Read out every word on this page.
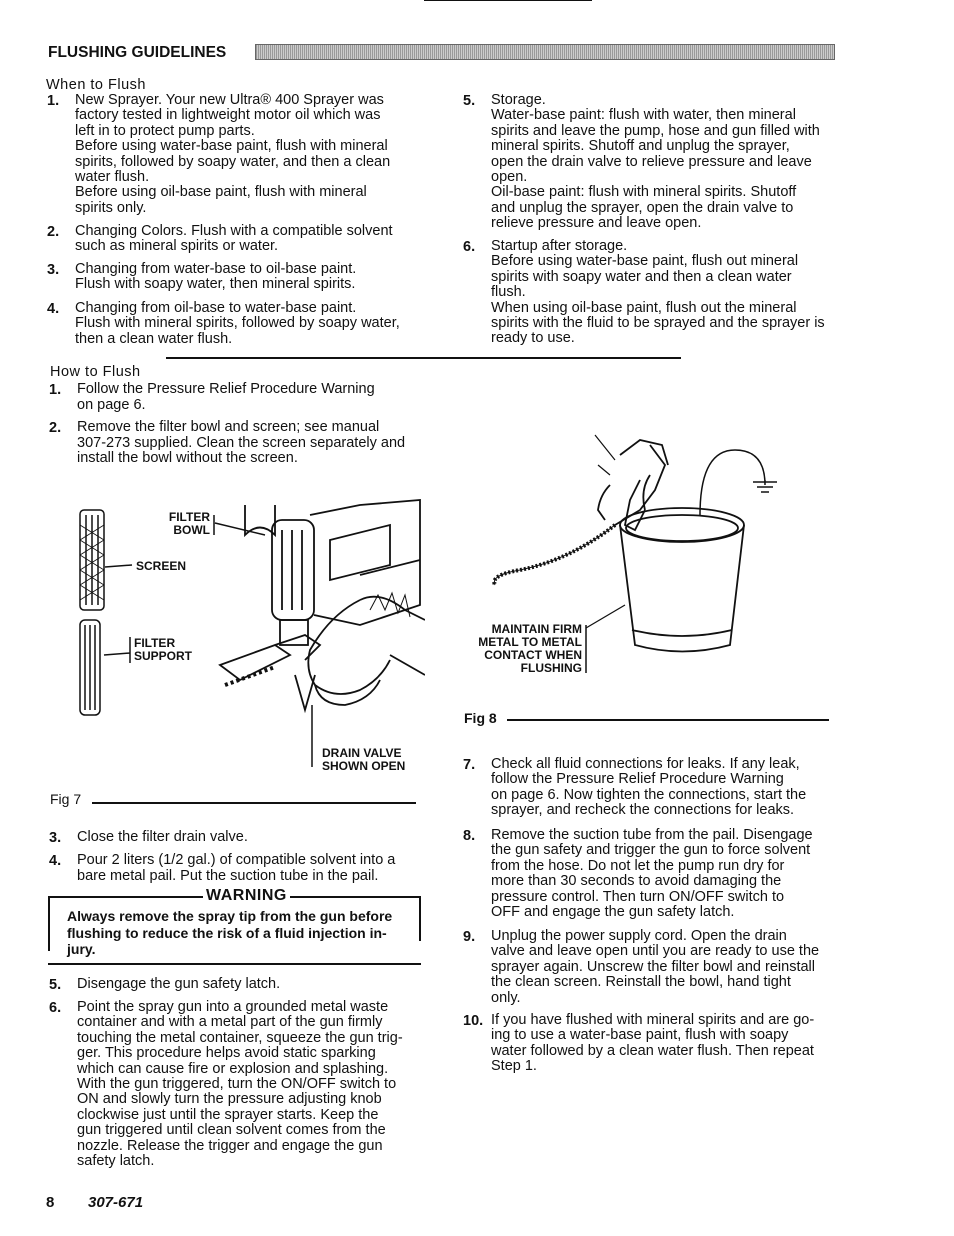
FLUSHING GUIDELINES
When to Flush
1. New Sprayer. Your new Ultra® 400 Sprayer was
factory tested in lightweight motor oil which was
left in to protect pump parts.
Before using water-base paint, flush with mineral
spirits, followed by soapy water, and then a clean
water flush.
Before using oil-base paint, flush with mineral
spirits only.
2. Changing Colors. Flush with a compatible solvent
such as mineral spirits or water.
3. Changing from water-base to oil-base paint.
Flush with soapy water, then mineral spirits.
4. Changing from oil-base to water-base paint.
Flush with mineral spirits, followed by soapy water,
then a clean water flush.
5. Storage.
Water-base paint: flush with water, then mineral
spirits and leave the pump, hose and gun filled with
mineral spirits. Shutoff and unplug the sprayer,
open the drain valve to relieve pressure and leave
open.
Oil-base paint: flush with mineral spirits. Shutoff
and unplug the sprayer, open the drain valve to
relieve pressure and leave open.
6. Startup after storage.
Before using water-base paint, flush out mineral
spirits with soapy water and then a clean water
flush.
When using oil-base paint, flush out the mineral
spirits with the fluid to be sprayed and the sprayer is
ready to use.
How to Flush
1. Follow the Pressure Relief Procedure Warning
on page 6.
2. Remove the filter bowl and screen; see manual
307-273 supplied. Clean the screen separately and
install the bowl without the screen.
FILTER
BOWL
SCREEN
FILTER
SUPPORT
DRAIN VALVE
SHOWN OPEN
Fig 7
3. Close the filter drain valve.
4. Pour 2 liters (1/2 gal.) of compatible solvent into a
bare metal pail. Put the suction tube in the pail.
WARNING
Always remove the spray tip from the gun before
flushing to reduce the risk of a fluid injection in-
jury.
5. Disengage the gun safety latch.
6. Point the spray gun into a grounded metal waste
container and with a metal part of the gun firmly
touching the metal container, squeeze the gun trig-
ger. This procedure helps avoid static sparking
which can cause fire or explosion and splashing.
With the gun triggered, turn the ON/OFF switch to
ON and slowly turn the pressure adjusting knob
clockwise just until the sprayer starts. Keep the
gun triggered until clean solvent comes from the
nozzle. Release the trigger and engage the gun
safety latch.
MAINTAIN FIRM
METAL TO METAL
CONTACT WHEN
FLUSHING
Fig 8
7. Check all fluid connections for leaks. If any leak,
follow the Pressure Relief Procedure Warning
on page 6. Now tighten the connections, start the
sprayer, and recheck the connections for leaks.
8. Remove the suction tube from the pail. Disengage
the gun safety and trigger the gun to force solvent
from the hose. Do not let the pump run dry for
more than 30 seconds to avoid damaging the
pressure control. Then turn ON/OFF switch to
OFF and engage the gun safety latch.
9. Unplug the power supply cord. Open the drain
valve and leave open until you are ready to use the
sprayer again. Unscrew the filter bowl and reinstall
the clean screen. Reinstall the bowl, hand tight
only.
10. If you have flushed with mineral spirits and are go-
ing to use a water-base paint, flush with soapy
water followed by a clean water flush. Then repeat
Step 1.
8 307-671
